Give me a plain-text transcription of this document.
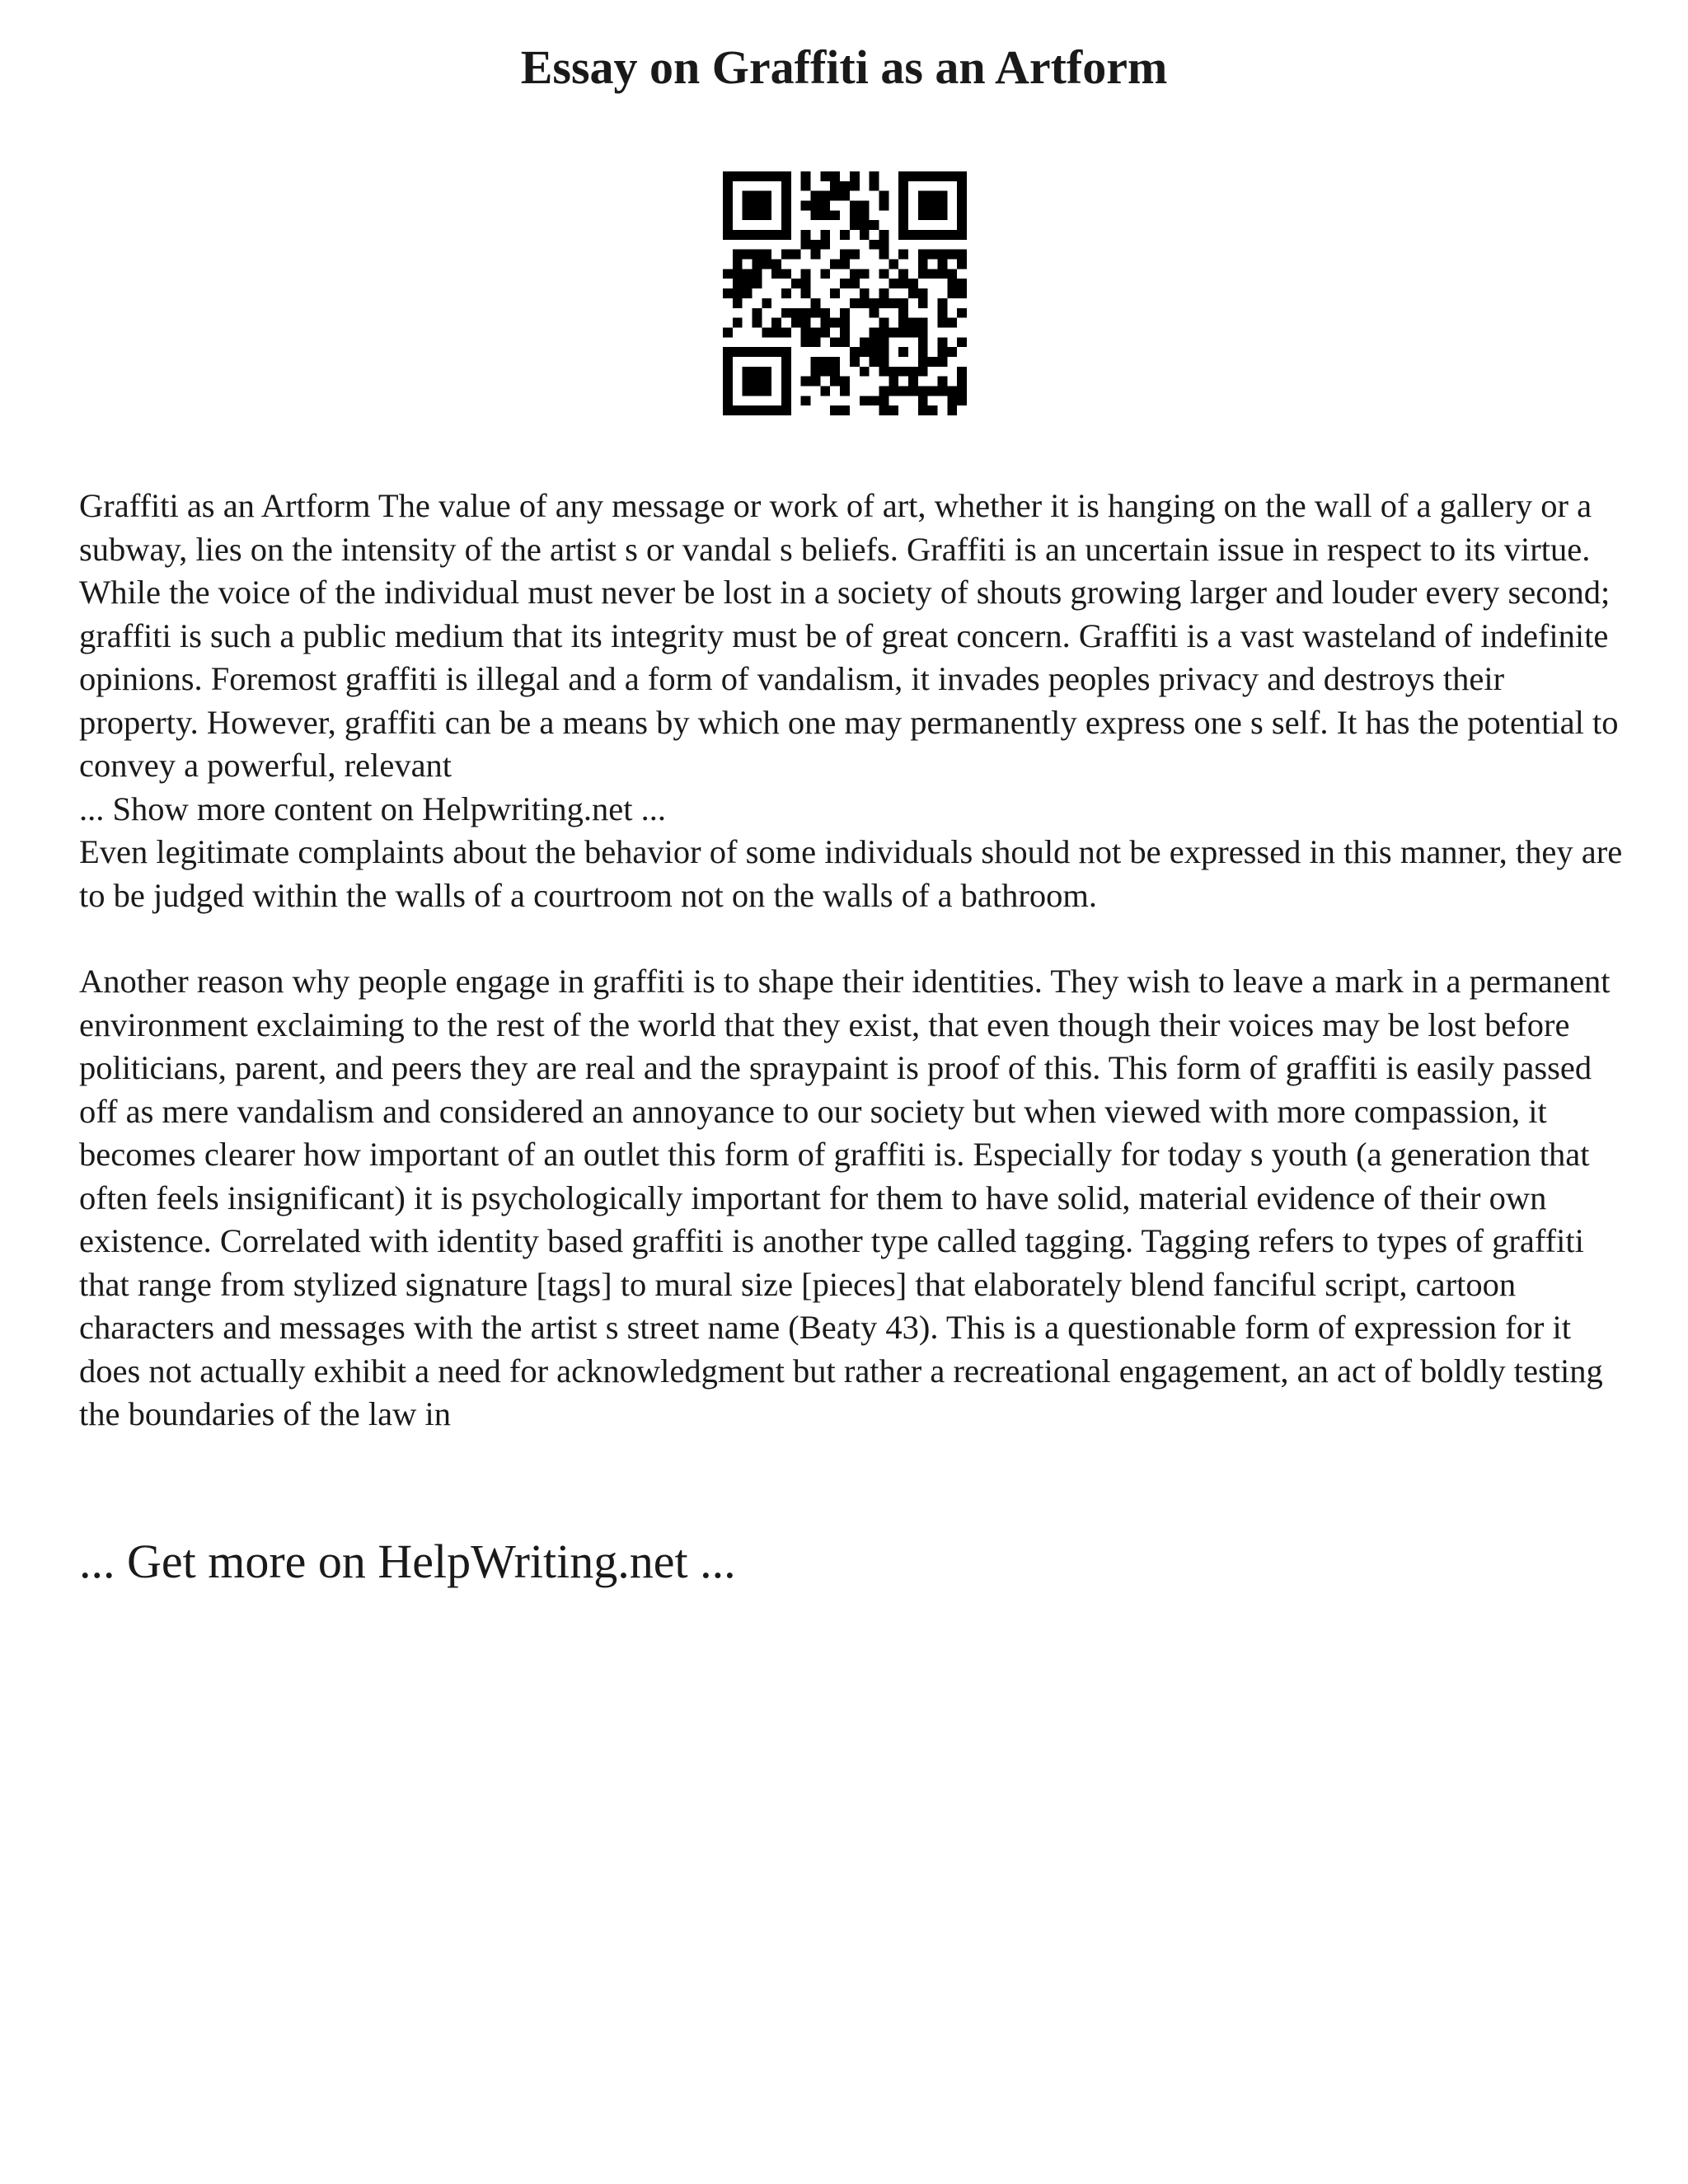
Essay on Graffiti as an Artform

Graffiti as an Artform The value of any message or work of art, whether it is hanging on the wall of a gallery or a subway, lies on the intensity of the artist s or vandal s beliefs. Graffiti is an uncertain issue in respect to its virtue. While the voice of the individual must never be lost in a society of shouts growing larger and louder every second; graffiti is such a public medium that its integrity must be of great concern. Graffiti is a vast wasteland of indefinite opinions. Foremost graffiti is illegal and a form of vandalism, it invades peoples privacy and destroys their property. However, graffiti can be a means by which one may permanently express one s self. It has the potential to convey a powerful, relevant

... Show more content on Helpwriting.net ...

Even legitimate complaints about the behavior of some individuals should not be expressed in this manner, they are to be judged within the walls of a courtroom not on the walls of a bathroom.

Another reason why people engage in graffiti is to shape their identities. They wish to leave a mark in a permanent environment exclaiming to the rest of the world that they exist, that even though their voices may be lost before politicians, parent, and peers they are real and the spraypaint is proof of this. This form of graffiti is easily passed off as mere vandalism and considered an annoyance to our society but when viewed with more compassion, it becomes clearer how important of an outlet this form of graffiti is. Especially for today s youth (a generation that often feels insignificant) it is psychologically important for them to have solid, material evidence of their own existence. Correlated with identity based graffiti is another type called tagging. Tagging refers to types of graffiti that range from stylized signature [tags] to mural size [pieces] that elaborately blend fanciful script, cartoon characters and messages with the artist s street name (Beaty 43). This is a questionable form of expression for it does not actually exhibit a need for acknowledgment but rather a recreational engagement, an act of boldly testing the boundaries of the law in

... Get more on HelpWriting.net ...
